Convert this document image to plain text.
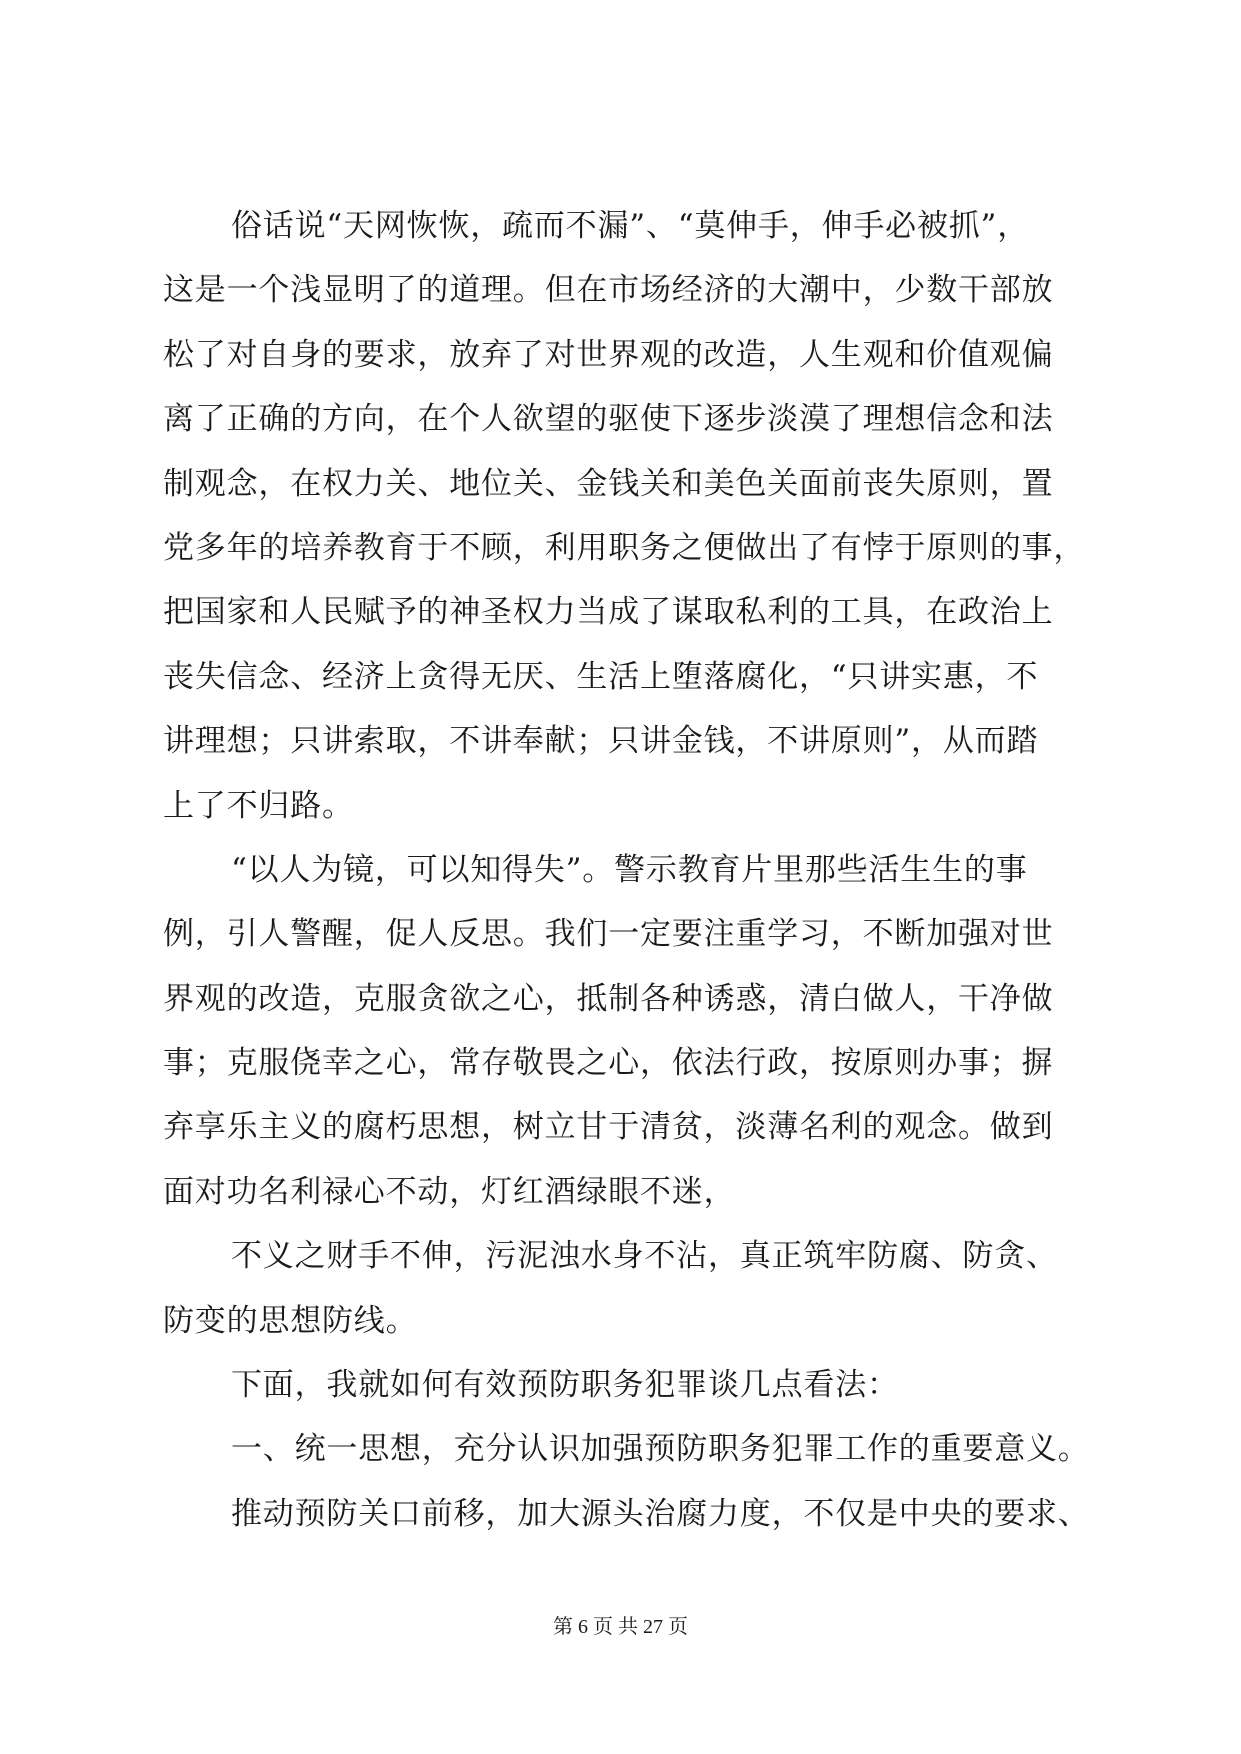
俗话说“天网恢恢，疏而不漏”、“莫伸手，伸手必被抓”，
这是一个浅显明了的道理。但在市场经济的大潮中，少数干部放
松了对自身的要求，放弃了对世界观的改造，人生观和价值观偏
离了正确的方向，在个人欲望的驱使下逐步淡漠了理想信念和法
制观念，在权力关、地位关、金钱关和美色关面前丧失原则，置
党多年的培养教育于不顾，利用职务之便做出了有悖于原则的事，
把国家和人民赋予的神圣权力当成了谋取私利的工具，在政治上
丧失信念、经济上贪得无厌、生活上堕落腐化，“只讲实惠，不
讲理想；只讲索取，不讲奉献；只讲金钱，不讲原则”，从而踏
上了不归路。
“以人为镜，可以知得失”。警示教育片里那些活生生的事
例，引人警醒，促人反思。我们一定要注重学习，不断加强对世
界观的改造，克服贪欲之心，抵制各种诱惑，清白做人，干净做
事；克服侥幸之心，常存敬畏之心，依法行政，按原则办事；摒
弃享乐主义的腐朽思想，树立甘于清贫，淡薄名利的观念。做到
面对功名利禄心不动，灯红酒绿眼不迷，
不义之财手不伸，污泥浊水身不沾，真正筑牢防腐、防贪、
防变的思想防线。
下面，我就如何有效预防职务犯罪谈几点看法：
一、统一思想，充分认识加强预防职务犯罪工作的重要意义。
推动预防关口前移，加大源头治腐力度，不仅是中央的要求、
第 6 页 共 27 页
